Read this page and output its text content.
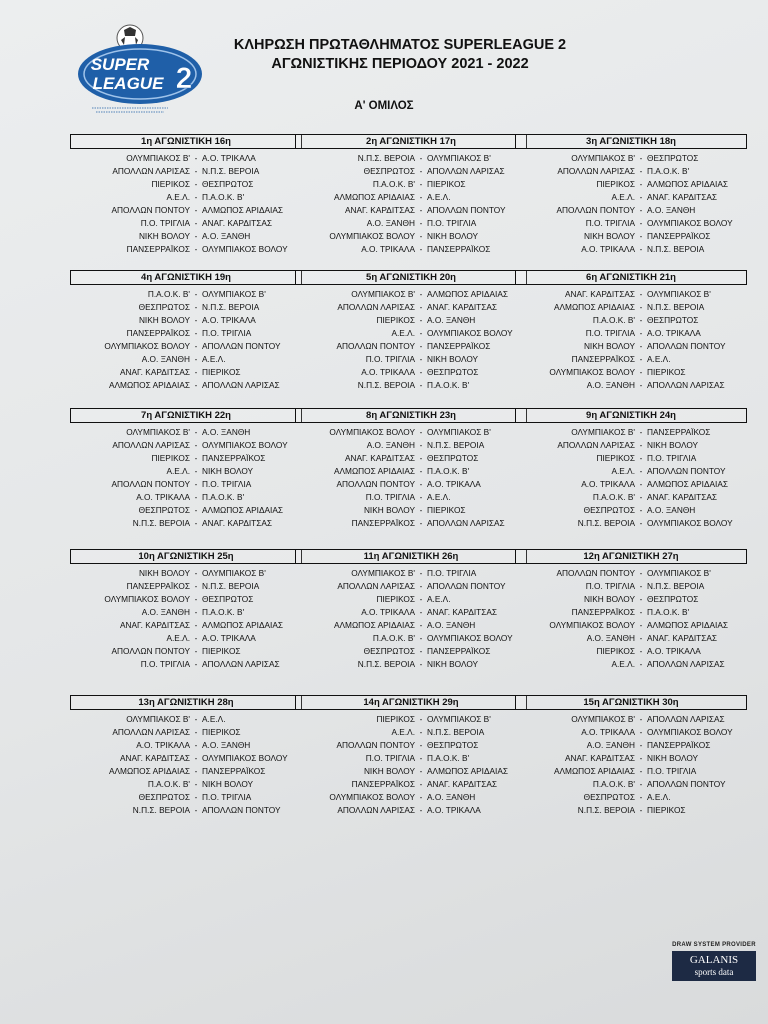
SUPER
LEAGUE 2
ΚΛΗΡΩΣΗ ΠΡΩΤΑΘΛΗΜΑΤΟΣ SUPERLEAGUE 2
ΑΓΩΝΙΣΤΙΚΗΣ ΠΕΡΙΟΔΟΥ 2021 - 2022
Α' ΟΜΙΛΟΣ
1η ΑΓΩΝΙΣΤΙΚΗ 16η
ΟΛΥΜΠΙΑΚΟΣ Β' - Α.Ο. ΤΡΙΚΑΛΑ
ΑΠΟΛΛΩΝ ΛΑΡΙΣΑΣ - Ν.Π.Σ. ΒΕΡΟΙΑ
ΠΙΕΡΙΚΟΣ - ΘΕΣΠΡΩΤΟΣ
Α.Ε.Λ. - Π.Α.Ο.Κ. Β'
ΑΠΟΛΛΩΝ ΠΟΝΤΟΥ - ΑΛΜΩΠΟΣ ΑΡΙΔΑΙΑΣ
Π.Ο. ΤΡΙΓΛΙΑ - ΑΝΑΓ. ΚΑΡΔΙΤΣΑΣ
ΝΙΚΗ ΒΟΛΟΥ - Α.Ο. ΞΑΝΘΗ
ΠΑΝΣΕΡΡΑΪΚΟΣ - ΟΛΥΜΠΙΑΚΟΣ ΒΟΛΟΥ
2η ΑΓΩΝΙΣΤΙΚΗ 17η
Ν.Π.Σ. ΒΕΡΟΙΑ - ΟΛΥΜΠΙΑΚΟΣ Β'
ΘΕΣΠΡΩΤΟΣ - ΑΠΟΛΛΩΝ ΛΑΡΙΣΑΣ
Π.Α.Ο.Κ. Β' - ΠΙΕΡΙΚΟΣ
ΑΛΜΩΠΟΣ ΑΡΙΔΑΙΑΣ - Α.Ε.Λ.
ΑΝΑΓ. ΚΑΡΔΙΤΣΑΣ - ΑΠΟΛΛΩΝ ΠΟΝΤΟΥ
Α.Ο. ΞΑΝΘΗ - Π.Ο. ΤΡΙΓΛΙΑ
ΟΛΥΜΠΙΑΚΟΣ ΒΟΛΟΥ - ΝΙΚΗ ΒΟΛΟΥ
Α.Ο. ΤΡΙΚΑΛΑ - ΠΑΝΣΕΡΡΑΪΚΟΣ
3η ΑΓΩΝΙΣΤΙΚΗ 18η
ΟΛΥΜΠΙΑΚΟΣ Β' - ΘΕΣΠΡΩΤΟΣ
ΑΠΟΛΛΩΝ ΛΑΡΙΣΑΣ - Π.Α.Ο.Κ. Β'
ΠΙΕΡΙΚΟΣ - ΑΛΜΩΠΟΣ ΑΡΙΔΑΙΑΣ
Α.Ε.Λ. - ΑΝΑΓ. ΚΑΡΔΙΤΣΑΣ
ΑΠΟΛΛΩΝ ΠΟΝΤΟΥ - Α.Ο. ΞΑΝΘΗ
Π.Ο. ΤΡΙΓΛΙΑ - ΟΛΥΜΠΙΑΚΟΣ ΒΟΛΟΥ
ΝΙΚΗ ΒΟΛΟΥ - ΠΑΝΣΕΡΡΑΪΚΟΣ
Α.Ο. ΤΡΙΚΑΛΑ - Ν.Π.Σ. ΒΕΡΟΙΑ
4η ΑΓΩΝΙΣΤΙΚΗ 19η
Π.Α.Ο.Κ. Β' - ΟΛΥΜΠΙΑΚΟΣ Β'
ΘΕΣΠΡΩΤΟΣ - Ν.Π.Σ. ΒΕΡΟΙΑ
ΝΙΚΗ ΒΟΛΟΥ - Α.Ο. ΤΡΙΚΑΛΑ
ΠΑΝΣΕΡΡΑΪΚΟΣ - Π.Ο. ΤΡΙΓΛΙΑ
ΟΛΥΜΠΙΑΚΟΣ ΒΟΛΟΥ - ΑΠΟΛΛΩΝ ΠΟΝΤΟΥ
Α.Ο. ΞΑΝΘΗ - Α.Ε.Λ.
ΑΝΑΓ. ΚΑΡΔΙΤΣΑΣ - ΠΙΕΡΙΚΟΣ
ΑΛΜΩΠΟΣ ΑΡΙΔΑΙΑΣ - ΑΠΟΛΛΩΝ ΛΑΡΙΣΑΣ
5η ΑΓΩΝΙΣΤΙΚΗ 20η
ΟΛΥΜΠΙΑΚΟΣ Β' - ΑΛΜΩΠΟΣ ΑΡΙΔΑΙΑΣ
ΑΠΟΛΛΩΝ ΛΑΡΙΣΑΣ - ΑΝΑΓ. ΚΑΡΔΙΤΣΑΣ
ΠΙΕΡΙΚΟΣ - Α.Ο. ΞΑΝΘΗ
Α.Ε.Λ. - ΟΛΥΜΠΙΑΚΟΣ ΒΟΛΟΥ
ΑΠΟΛΛΩΝ ΠΟΝΤΟΥ - ΠΑΝΣΕΡΡΑΪΚΟΣ
Π.Ο. ΤΡΙΓΛΙΑ - ΝΙΚΗ ΒΟΛΟΥ
Α.Ο. ΤΡΙΚΑΛΑ - ΘΕΣΠΡΩΤΟΣ
Ν.Π.Σ. ΒΕΡΟΙΑ - Π.Α.Ο.Κ. Β'
6η ΑΓΩΝΙΣΤΙΚΗ 21η
ΑΝΑΓ. ΚΑΡΔΙΤΣΑΣ - ΟΛΥΜΠΙΑΚΟΣ Β'
ΑΛΜΩΠΟΣ ΑΡΙΔΑΙΑΣ - Ν.Π.Σ. ΒΕΡΟΙΑ
Π.Α.Ο.Κ. Β' - ΘΕΣΠΡΩΤΟΣ
Π.Ο. ΤΡΙΓΛΙΑ - Α.Ο. ΤΡΙΚΑΛΑ
ΝΙΚΗ ΒΟΛΟΥ - ΑΠΟΛΛΩΝ ΠΟΝΤΟΥ
ΠΑΝΣΕΡΡΑΪΚΟΣ - Α.Ε.Λ.
ΟΛΥΜΠΙΑΚΟΣ ΒΟΛΟΥ - ΠΙΕΡΙΚΟΣ
Α.Ο. ΞΑΝΘΗ - ΑΠΟΛΛΩΝ ΛΑΡΙΣΑΣ
7η ΑΓΩΝΙΣΤΙΚΗ 22η
ΟΛΥΜΠΙΑΚΟΣ Β' - Α.Ο. ΞΑΝΘΗ
ΑΠΟΛΛΩΝ ΛΑΡΙΣΑΣ - ΟΛΥΜΠΙΑΚΟΣ ΒΟΛΟΥ
ΠΙΕΡΙΚΟΣ - ΠΑΝΣΕΡΡΑΪΚΟΣ
Α.Ε.Λ. - ΝΙΚΗ ΒΟΛΟΥ
ΑΠΟΛΛΩΝ ΠΟΝΤΟΥ - Π.Ο. ΤΡΙΓΛΙΑ
Α.Ο. ΤΡΙΚΑΛΑ - Π.Α.Ο.Κ. Β'
ΘΕΣΠΡΩΤΟΣ - ΑΛΜΩΠΟΣ ΑΡΙΔΑΙΑΣ
Ν.Π.Σ. ΒΕΡΟΙΑ - ΑΝΑΓ. ΚΑΡΔΙΤΣΑΣ
8η ΑΓΩΝΙΣΤΙΚΗ 23η
ΟΛΥΜΠΙΑΚΟΣ ΒΟΛΟΥ - ΟΛΥΜΠΙΑΚΟΣ Β'
Α.Ο. ΞΑΝΘΗ - Ν.Π.Σ. ΒΕΡΟΙΑ
ΑΝΑΓ. ΚΑΡΔΙΤΣΑΣ - ΘΕΣΠΡΩΤΟΣ
ΑΛΜΩΠΟΣ ΑΡΙΔΑΙΑΣ - Π.Α.Ο.Κ. Β'
ΑΠΟΛΛΩΝ ΠΟΝΤΟΥ - Α.Ο. ΤΡΙΚΑΛΑ
Π.Ο. ΤΡΙΓΛΙΑ - Α.Ε.Λ.
ΝΙΚΗ ΒΟΛΟΥ - ΠΙΕΡΙΚΟΣ
ΠΑΝΣΕΡΡΑΪΚΟΣ - ΑΠΟΛΛΩΝ ΛΑΡΙΣΑΣ
9η ΑΓΩΝΙΣΤΙΚΗ 24η
ΟΛΥΜΠΙΑΚΟΣ Β' - ΠΑΝΣΕΡΡΑΪΚΟΣ
ΑΠΟΛΛΩΝ ΛΑΡΙΣΑΣ - ΝΙΚΗ ΒΟΛΟΥ
ΠΙΕΡΙΚΟΣ - Π.Ο. ΤΡΙΓΛΙΑ
Α.Ε.Λ. - ΑΠΟΛΛΩΝ ΠΟΝΤΟΥ
Α.Ο. ΤΡΙΚΑΛΑ - ΑΛΜΩΠΟΣ ΑΡΙΔΑΙΑΣ
Π.Α.Ο.Κ. Β' - ΑΝΑΓ. ΚΑΡΔΙΤΣΑΣ
ΘΕΣΠΡΩΤΟΣ - Α.Ο. ΞΑΝΘΗ
Ν.Π.Σ. ΒΕΡΟΙΑ - ΟΛΥΜΠΙΑΚΟΣ ΒΟΛΟΥ
10η ΑΓΩΝΙΣΤΙΚΗ 25η
ΝΙΚΗ ΒΟΛΟΥ - ΟΛΥΜΠΙΑΚΟΣ Β'
ΠΑΝΣΕΡΡΑΪΚΟΣ - Ν.Π.Σ. ΒΕΡΟΙΑ
ΟΛΥΜΠΙΑΚΟΣ ΒΟΛΟΥ - ΘΕΣΠΡΩΤΟΣ
Α.Ο. ΞΑΝΘΗ - Π.Α.Ο.Κ. Β'
ΑΝΑΓ. ΚΑΡΔΙΤΣΑΣ - ΑΛΜΩΠΟΣ ΑΡΙΔΑΙΑΣ
Α.Ε.Λ. - Α.Ο. ΤΡΙΚΑΛΑ
ΑΠΟΛΛΩΝ ΠΟΝΤΟΥ - ΠΙΕΡΙΚΟΣ
Π.Ο. ΤΡΙΓΛΙΑ - ΑΠΟΛΛΩΝ ΛΑΡΙΣΑΣ
11η ΑΓΩΝΙΣΤΙΚΗ 26η
ΟΛΥΜΠΙΑΚΟΣ Β' - Π.Ο. ΤΡΙΓΛΙΑ
ΑΠΟΛΛΩΝ ΛΑΡΙΣΑΣ - ΑΠΟΛΛΩΝ ΠΟΝΤΟΥ
ΠΙΕΡΙΚΟΣ - Α.Ε.Λ.
Α.Ο. ΤΡΙΚΑΛΑ - ΑΝΑΓ. ΚΑΡΔΙΤΣΑΣ
ΑΛΜΩΠΟΣ ΑΡΙΔΑΙΑΣ - Α.Ο. ΞΑΝΘΗ
Π.Α.Ο.Κ. Β' - ΟΛΥΜΠΙΑΚΟΣ ΒΟΛΟΥ
ΘΕΣΠΡΩΤΟΣ - ΠΑΝΣΕΡΡΑΪΚΟΣ
Ν.Π.Σ. ΒΕΡΟΙΑ - ΝΙΚΗ ΒΟΛΟΥ
12η ΑΓΩΝΙΣΤΙΚΗ 27η
ΑΠΟΛΛΩΝ ΠΟΝΤΟΥ - ΟΛΥΜΠΙΑΚΟΣ Β'
Π.Ο. ΤΡΙΓΛΙΑ - Ν.Π.Σ. ΒΕΡΟΙΑ
ΝΙΚΗ ΒΟΛΟΥ - ΘΕΣΠΡΩΤΟΣ
ΠΑΝΣΕΡΡΑΪΚΟΣ - Π.Α.Ο.Κ. Β'
ΟΛΥΜΠΙΑΚΟΣ ΒΟΛΟΥ - ΑΛΜΩΠΟΣ ΑΡΙΔΑΙΑΣ
Α.Ο. ΞΑΝΘΗ - ΑΝΑΓ. ΚΑΡΔΙΤΣΑΣ
ΠΙΕΡΙΚΟΣ - Α.Ο. ΤΡΙΚΑΛΑ
Α.Ε.Λ. - ΑΠΟΛΛΩΝ ΛΑΡΙΣΑΣ
13η ΑΓΩΝΙΣΤΙΚΗ 28η
ΟΛΥΜΠΙΑΚΟΣ Β' - Α.Ε.Λ.
ΑΠΟΛΛΩΝ ΛΑΡΙΣΑΣ - ΠΙΕΡΙΚΟΣ
Α.Ο. ΤΡΙΚΑΛΑ - Α.Ο. ΞΑΝΘΗ
ΑΝΑΓ. ΚΑΡΔΙΤΣΑΣ - ΟΛΥΜΠΙΑΚΟΣ ΒΟΛΟΥ
ΑΛΜΩΠΟΣ ΑΡΙΔΑΙΑΣ - ΠΑΝΣΕΡΡΑΪΚΟΣ
Π.Α.Ο.Κ. Β' - ΝΙΚΗ ΒΟΛΟΥ
ΘΕΣΠΡΩΤΟΣ - Π.Ο. ΤΡΙΓΛΙΑ
Ν.Π.Σ. ΒΕΡΟΙΑ - ΑΠΟΛΛΩΝ ΠΟΝΤΟΥ
14η ΑΓΩΝΙΣΤΙΚΗ 29η
ΠΙΕΡΙΚΟΣ - ΟΛΥΜΠΙΑΚΟΣ Β'
Α.Ε.Λ. - Ν.Π.Σ. ΒΕΡΟΙΑ
ΑΠΟΛΛΩΝ ΠΟΝΤΟΥ - ΘΕΣΠΡΩΤΟΣ
Π.Ο. ΤΡΙΓΛΙΑ - Π.Α.Ο.Κ. Β'
ΝΙΚΗ ΒΟΛΟΥ - ΑΛΜΩΠΟΣ ΑΡΙΔΑΙΑΣ
ΠΑΝΣΕΡΡΑΪΚΟΣ - ΑΝΑΓ. ΚΑΡΔΙΤΣΑΣ
ΟΛΥΜΠΙΑΚΟΣ ΒΟΛΟΥ - Α.Ο. ΞΑΝΘΗ
ΑΠΟΛΛΩΝ ΛΑΡΙΣΑΣ - Α.Ο. ΤΡΙΚΑΛΑ
15η ΑΓΩΝΙΣΤΙΚΗ 30η
ΟΛΥΜΠΙΑΚΟΣ Β' - ΑΠΟΛΛΩΝ ΛΑΡΙΣΑΣ
Α.Ο. ΤΡΙΚΑΛΑ - ΟΛΥΜΠΙΑΚΟΣ ΒΟΛΟΥ
Α.Ο. ΞΑΝΘΗ - ΠΑΝΣΕΡΡΑΪΚΟΣ
ΑΝΑΓ. ΚΑΡΔΙΤΣΑΣ - ΝΙΚΗ ΒΟΛΟΥ
ΑΛΜΩΠΟΣ ΑΡΙΔΑΙΑΣ - Π.Ο. ΤΡΙΓΛΙΑ
Π.Α.Ο.Κ. Β' - ΑΠΟΛΛΩΝ ΠΟΝΤΟΥ
ΘΕΣΠΡΩΤΟΣ - Α.Ε.Λ.
Ν.Π.Σ. ΒΕΡΟΙΑ - ΠΙΕΡΙΚΟΣ
DRAW SYSTEM PROVIDER
GALANIS
sports data
